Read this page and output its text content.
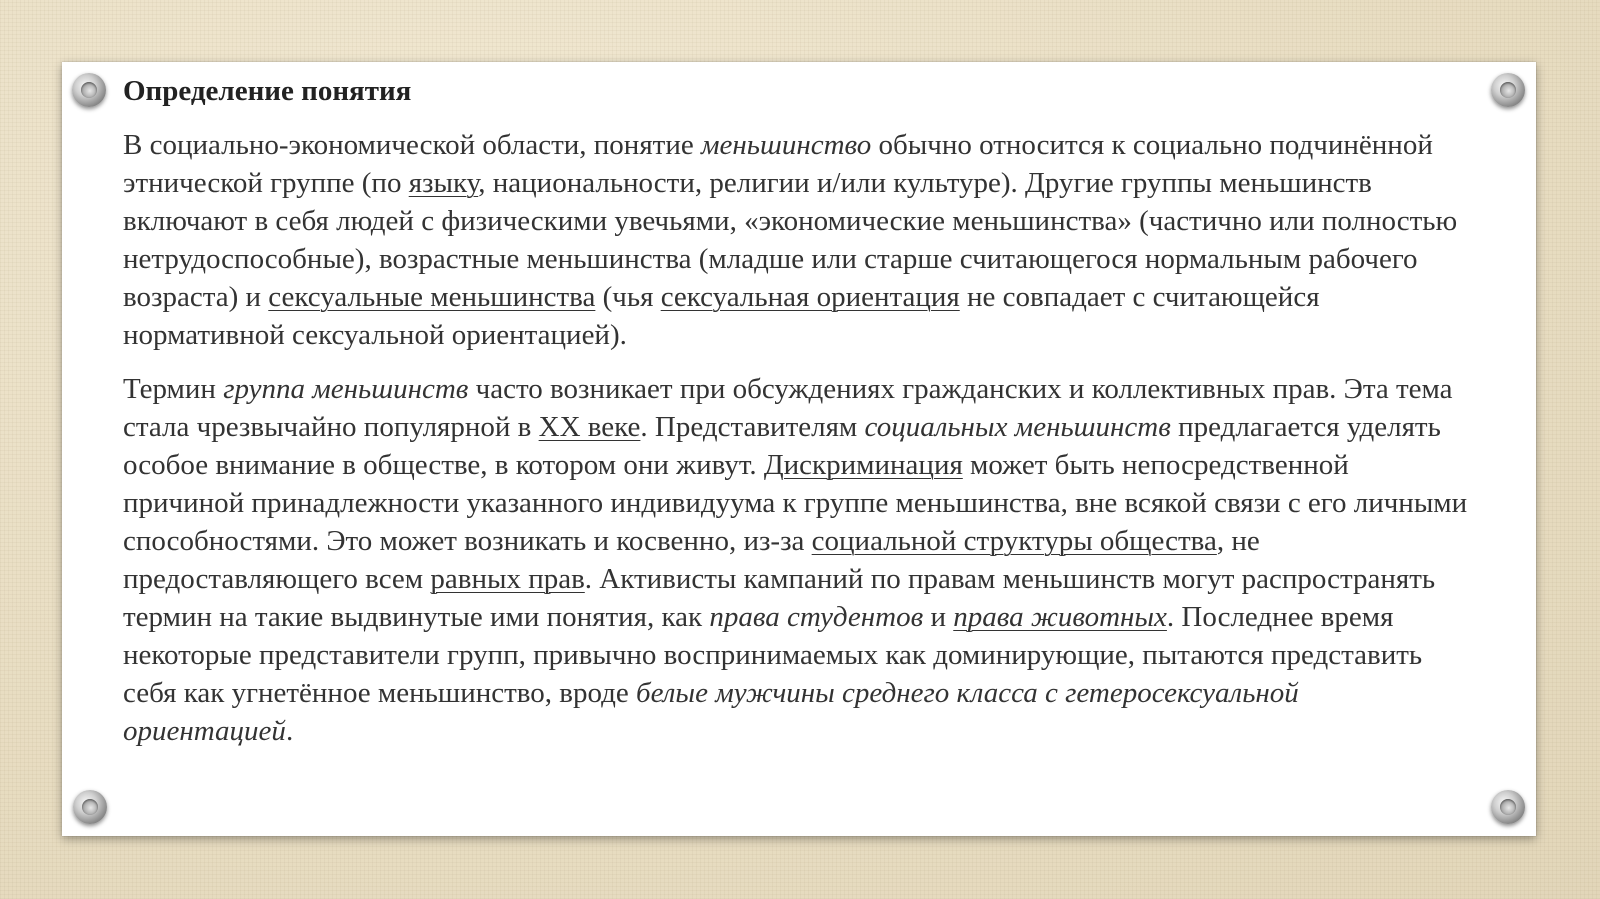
Определение понятия

В социально-экономической области, понятие меньшинство обычно относится к социально подчинённой этнической группе (по языку, национальности, религии и/или культуре). Другие группы меньшинств включают в себя людей с физическими увечьями, «экономические меньшинства» (частично или полностью нетрудоспособные), возрастные меньшинства (младше или старше считающегося нормальным рабочего возраста) и сексуальные меньшинства (чья сексуальная ориентация не совпадает с считающейся нормативной сексуальной ориентацией).

Термин группа меньшинств часто возникает при обсуждениях гражданских и коллективных прав. Эта тема стала чрезвычайно популярной в XX веке. Представителям социальных меньшинств предлагается уделять особое внимание в обществе, в котором они живут. Дискриминация может быть непосредственной причиной принадлежности указанного индивидуума к группе меньшинства, вне всякой связи с его личными способностями. Это может возникать и косвенно, из-за социальной структуры общества, не предоставляющего всем равных прав. Активисты кампаний по правам меньшинств могут распространять термин на такие выдвинутые ими понятия, как права студентов и права животных. Последнее время некоторые представители групп, привычно воспринимаемых как доминирующие, пытаются представить себя как угнетённое меньшинство, вроде белые мужчины среднего класса с гетеросексуальной ориентацией.
